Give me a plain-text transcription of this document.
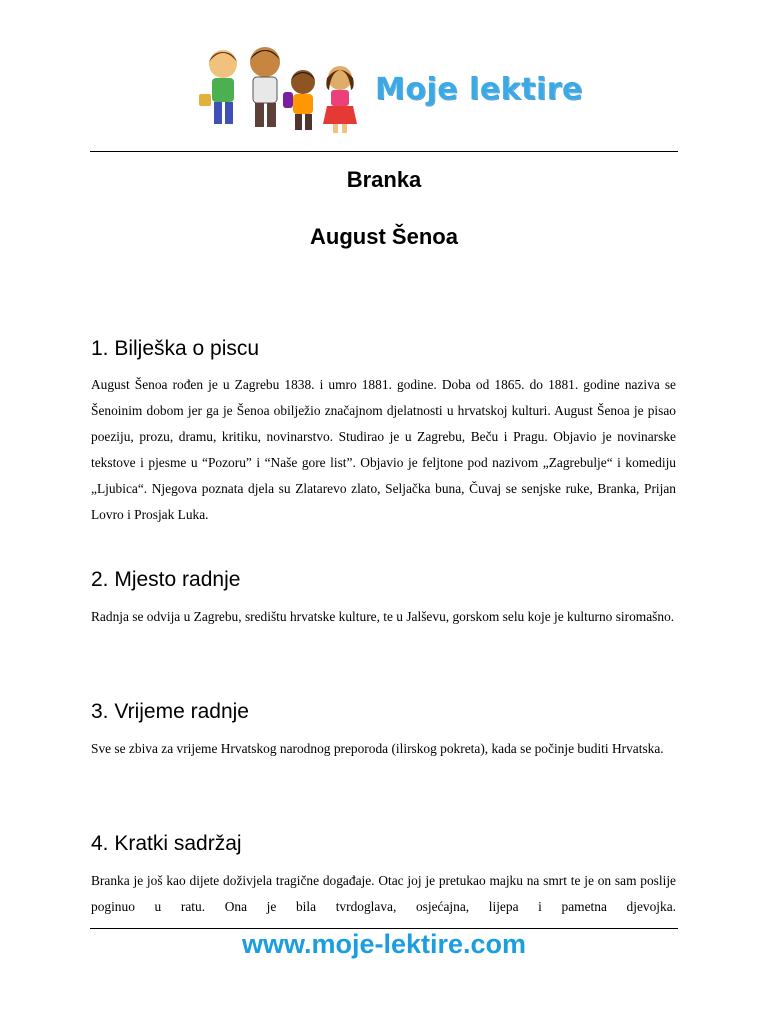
Moje lektire
Branka
August Šenoa
1. Bilješka o piscu
August Šenoa rođen je u Zagrebu 1838. i umro 1881. godine. Doba od 1865. do 1881. godine naziva se Šenoinim dobom jer ga je Šenoa obilježio značajnom djelatnosti u hrvatskoj kulturi. August Šenoa je pisao poeziju, prozu, dramu, kritiku, novinarstvo. Studirao je u Zagrebu, Beču i Pragu. Objavio je novinarske tekstove i pjesme u “Pozoru” i “Naše gore list”. Objavio je feljtone pod nazivom „Zagrebulje“ i komediju „Ljubica“. Njegova poznata djela su Zlatarevo zlato, Seljačka buna, Čuvaj se senjske ruke, Branka, Prijan Lovro i Prosjak Luka.
2. Mjesto radnje
Radnja se odvija u Zagrebu, središtu hrvatske kulture, te u Jalševu, gorskom selu koje je kulturno siromašno.
3. Vrijeme radnje
Sve se zbiva za vrijeme Hrvatskog narodnog preporoda (ilirskog pokreta), kada se počinje buditi Hrvatska.
4. Kratki sadržaj
Branka je još kao dijete doživjela tragične događaje. Otac joj je pretukao majku na smrt te je on sam poslije poginuo u ratu. Ona je bila tvrdoglava, osjećajna, lijepa i pametna djevojka.
www.moje-lektire.com
